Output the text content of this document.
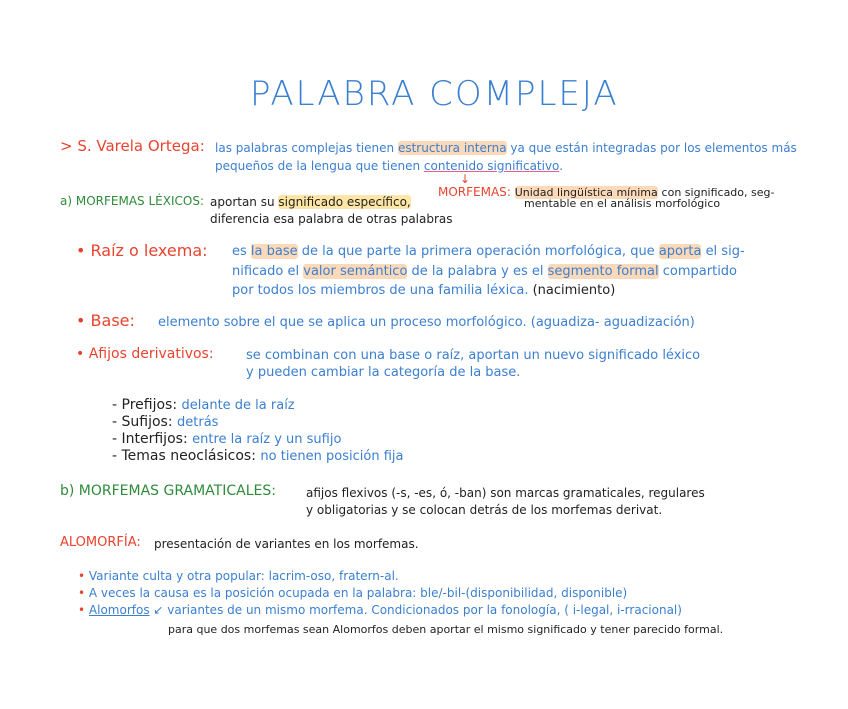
PALABRA COMPLEJA
> S. Varela Ortega: las palabras complejas tienen estructura interna ya que están integradas por los elementos más
pequeños de la lengua que tienen contenido significativo.
↓
MORFEMAS: Unidad lingüística mínima con significado, seg-
mentable en el análisis morfológico
a) MORFEMAS LÉXICOS: aportan su significado específico,
diferencia esa palabra de otras palabras
• Raíz o lexema: es la base de la que parte la primera operación morfológica, que aporta el sig-
nificado el valor semántico de la palabra y es el segmento formal compartido
por todos los miembros de una familia léxica. (nacimiento)
• Base: elemento sobre el que se aplica un proceso morfológico. (aguadiza- aguadización)
• Afijos derivativos: se combinan con una base o raíz, aportan un nuevo significado léxico
y pueden cambiar la categoría de la base.
- Prefijos: delante de la raíz
- Sufijos: detrás
- Interfijos: entre la raíz y un sufijo
- Temas neoclásicos: no tienen posición fija
b) MORFEMAS GRAMATICALES:	afijos flexivos (-s, -es, ó, -ban) son marcas gramaticales, regulares
y obligatorias y se colocan detrás de los morfemas derivat.
ALOMORFÍA: presentación de variantes en los morfemas.
• Variante culta y otra popular: lacrim-oso, fratern-al.
• A veces la causa es la posición ocupada en la palabra: ble/-bil-(disponibilidad, disponible)
• Alomorfos ↙ variantes de un mismo morfema. Condicionados por la fonología, ( i-legal, i-rracional)
para que dos morfemas sean Alomorfos deben aportar el mismo significado y tener parecido formal.
